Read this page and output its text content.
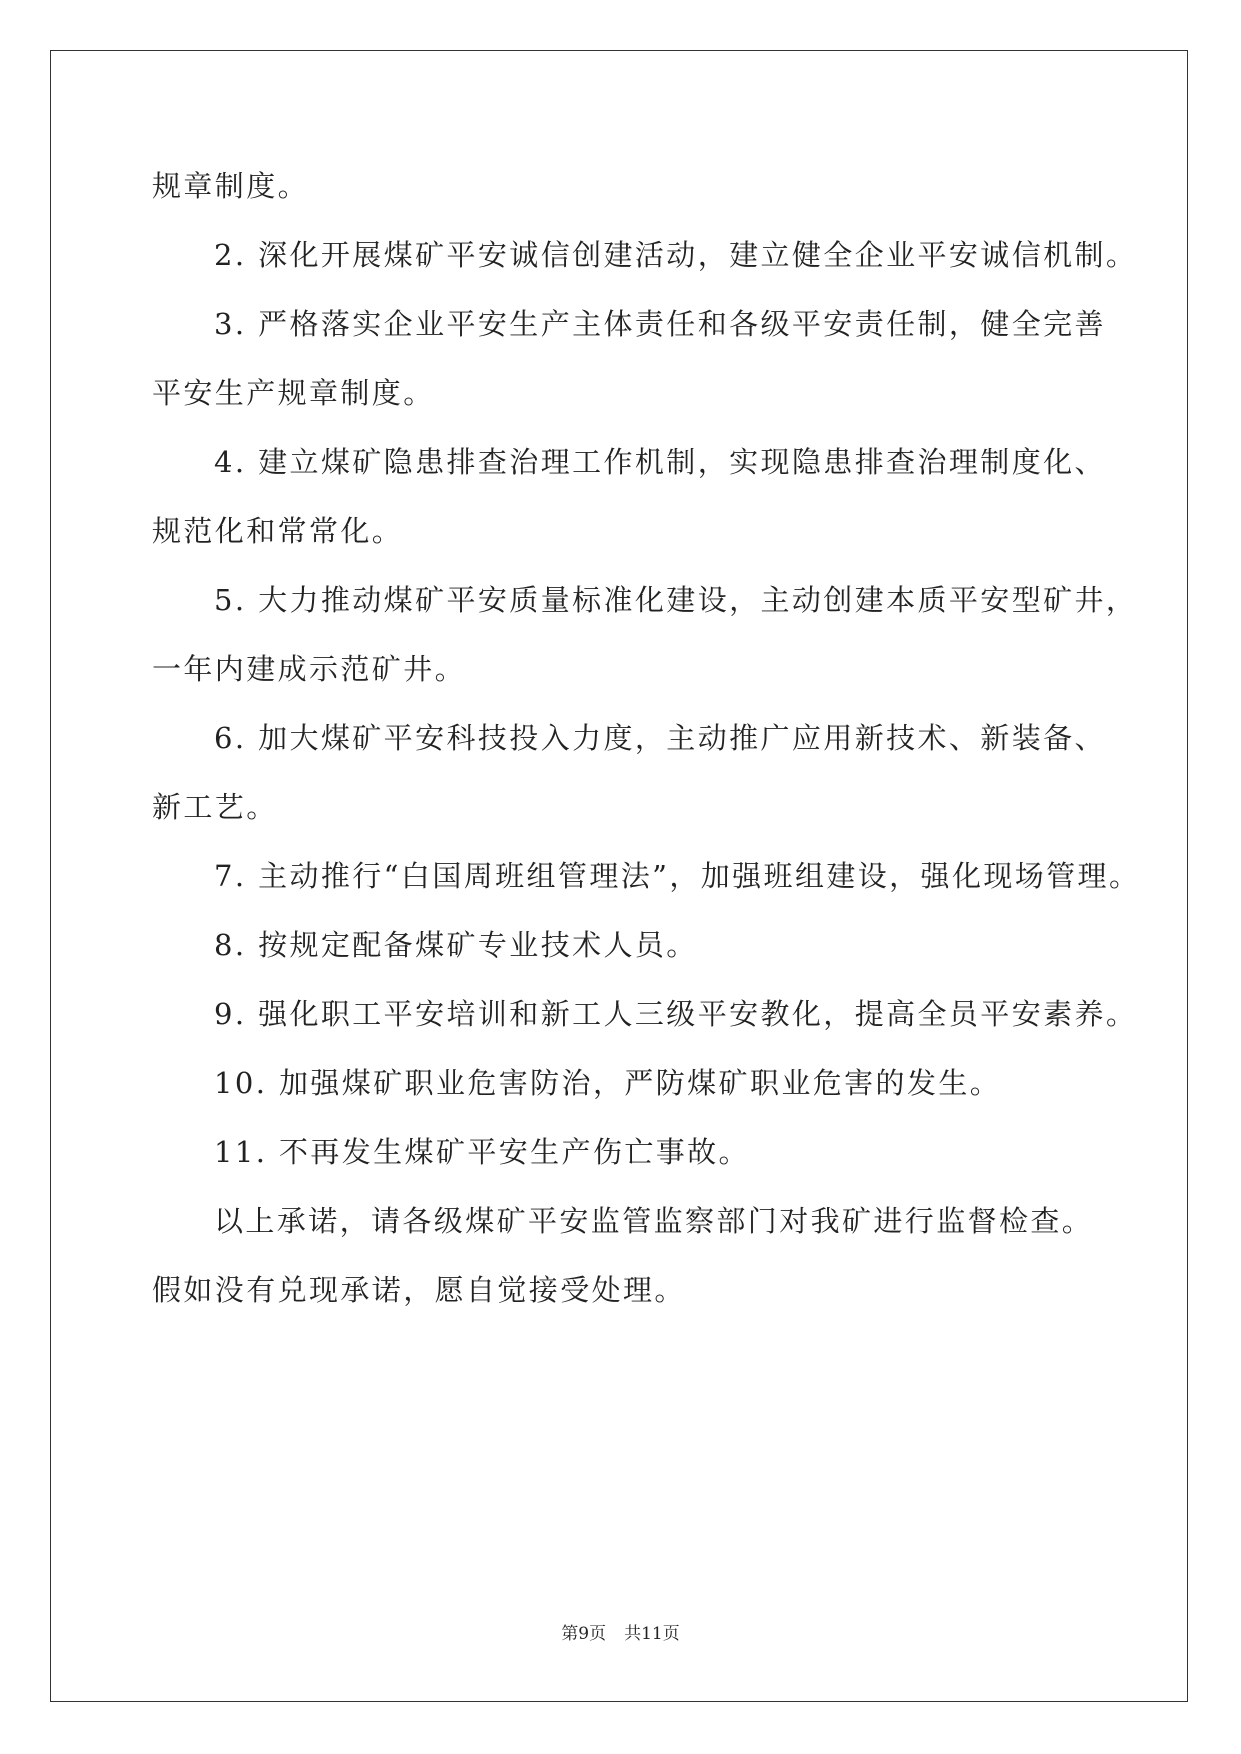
规章制度。
2. 深化开展煤矿平安诚信创建活动，建立健全企业平安诚信机制。
3. 严格落实企业平安生产主体责任和各级平安责任制，健全完善
平安生产规章制度。
4. 建立煤矿隐患排查治理工作机制，实现隐患排查治理制度化、
规范化和常常化。
5. 大力推动煤矿平安质量标准化建设，主动创建本质平安型矿井，
一年内建成示范矿井。
6. 加大煤矿平安科技投入力度，主动推广应用新技术、新装备、
新工艺。
7. 主动推行“白国周班组管理法”，加强班组建设，强化现场管理。
8. 按规定配备煤矿专业技术人员。
9. 强化职工平安培训和新工人三级平安教化，提高全员平安素养。
10. 加强煤矿职业危害防治，严防煤矿职业危害的发生。
11. 不再发生煤矿平安生产伤亡事故。
以上承诺，请各级煤矿平安监管监察部门对我矿进行监督检查。
假如没有兑现承诺，愿自觉接受处理。
第9页 共11页
